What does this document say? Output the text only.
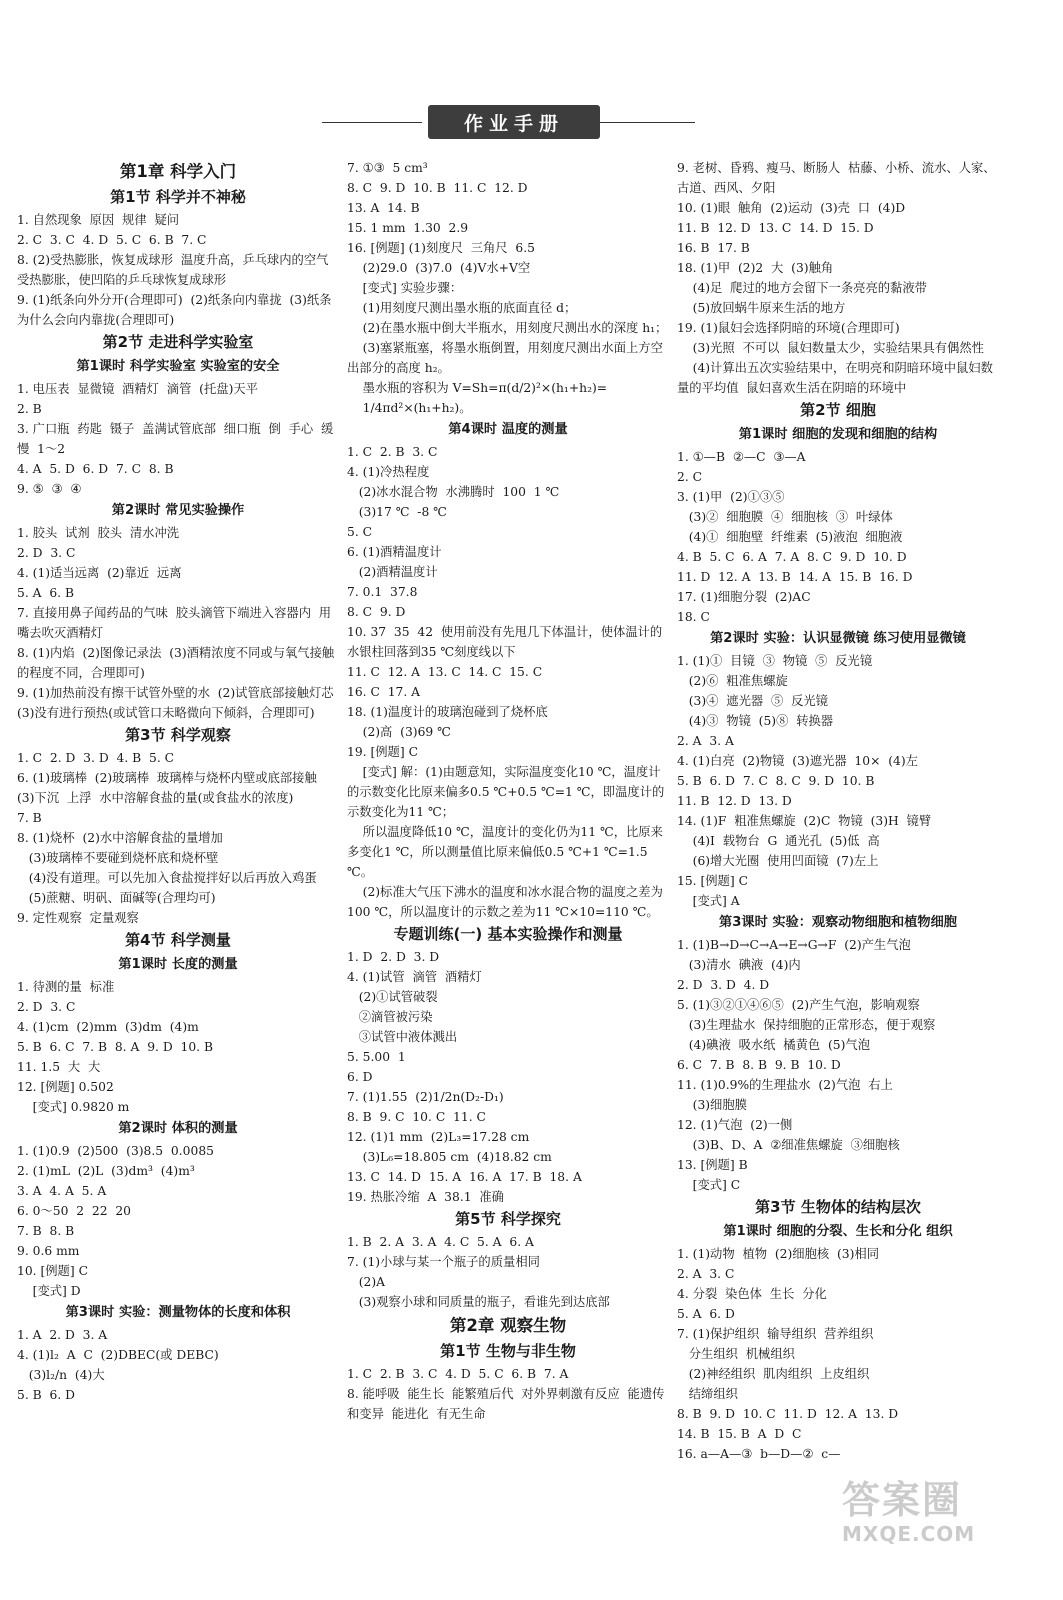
作业手册
第1章 科学入门
第1节 科学并不神秘
1. 自然现象  原因  规律  疑问
2. C  3. C  4. D  5. C  6. B  7. C
8. (2)受热膨胀，恢复成球形  温度升高，乒乓球内的空气受热膨胀，使凹陷的乒乓球恢复成球形
9. (1)纸条向外分开(合理即可)  (2)纸条向内靠拢  (3)纸条为什么会向内靠拢(合理即可)
第2节 走进科学实验室
第1课时 科学实验室 实验室的安全
1. 电压表  显微镜  酒精灯  滴管  (托盘)天平
2. B
3. 广口瓶  药匙  镊子  盖满试管底部  细口瓶  倒  手心  缓慢  1～2
4. A  5. D  6. D  7. C  8. B
9. ⑤  ③  ④
第2课时 常见实验操作
1. 胶头  试剂  胶头  清水冲洗
2. D  3. C
4. (1)适当远离  (2)靠近  远离
5. A  6. B
7. 直接用鼻子闻药品的气味  胶头滴管下端进入容器内  用嘴去吹灭酒精灯
8. (1)内焰  (2)图像记录法  (3)酒精浓度不同或与氧气接触的程度不同，合理即可)
9. (1)加热前没有擦干试管外壁的水  (2)试管底部接触灯芯  (3)没有进行预热(或试管口未略微向下倾斜，合理即可)
第3节 科学观察
1. C  2. D  3. D  4. B  5. C
6. (1)玻璃棒  (2)玻璃棒  玻璃棒与烧杯内壁或底部接触  (3)下沉  上浮  水中溶解食盐的量(或食盐水的浓度)
7. B
8. (1)烧杯  (2)水中溶解食盐的量增加
(3)玻璃棒不要碰到烧杯底和烧杯壁
(4)没有道理。可以先加入食盐搅拌好以后再放入鸡蛋
(5)蔗糖、明矾、面碱等(合理均可)
9. 定性观察  定量观察
第4节 科学测量
第1课时 长度的测量
1. 待测的量  标准
2. D  3. C
4. (1)cm  (2)mm  (3)dm  (4)m
5. B  6. C  7. B  8. A  9. D  10. B
11. 1.5  大  大
12. [例题] 0.502
[变式] 0.9820 m
第2课时 体积的测量
1. (1)0.9  (2)500  (3)8.5  0.0085
2. (1)mL  (2)L  (3)dm³  (4)m³
3. A  4. A  5. A
6. 0～50  2  22  20
7. B  8. B
9. 0.6 mm
10. [例题] C
[变式] D
第3课时 实验：测量物体的长度和体积
1. A  2. D  3. A
4. (1)l₂  A  C  (2)DBEC(或 DEBC)
(3)l₂/n  (4)大
5. B  6. D
7. ①③  5 cm³
8. C  9. D  10. B  11. C  12. D
13. A  14. B
15. 1 mm  1.30  2.9
16. [例题] (1)刻度尺  三角尺  6.5
(2)29.0  (3)7.0  (4)V水+V空
[变式] 实验步骤：
(1)用刻度尺测出墨水瓶的底面直径 d；
(2)在墨水瓶中倒大半瓶水，用刻度尺测出水的深度 h₁；
(3)塞紧瓶塞，将墨水瓶倒置，用刻度尺测出水面上方空出部分的高度 h₂。
墨水瓶的容积为 V=Sh=π(d/2)²×(h₁+h₂)=
1/4πd²×(h₁+h₂)。
第4课时 温度的测量
1. C  2. B  3. C
4. (1)冷热程度
(2)冰水混合物  水沸腾时  100  1 ℃
(3)17 ℃  -8 ℃
5. C
6. (1)酒精温度计
(2)酒精温度计
7. 0.1  37.8
8. C  9. D
10. 37  35  42  使用前没有先甩几下体温计，使体温计的水银柱回落到35 ℃刻度线以下
11. C  12. A  13. C  14. C  15. C
16. C  17. A
18. (1)温度计的玻璃泡碰到了烧杯底
(2)高  (3)69 ℃
19. [例题] C
[变式] 解：(1)由题意知，实际温度变化10 ℃，温度计的示数变化比原来偏多0.5 ℃+0.5 ℃=1 ℃，即温度计的示数变化为11 ℃；
所以温度降低10 ℃，温度计的变化仍为11 ℃，比原来多变化1 ℃，所以测量值比原来偏低0.5 ℃+1 ℃=1.5 ℃。
(2)标准大气压下沸水的温度和冰水混合物的温度之差为100 ℃，所以温度计的示数之差为11 ℃×10=110 ℃。
专题训练(一) 基本实验操作和测量
1. D  2. D  3. D
4. (1)试管  滴管  酒精灯
(2)①试管破裂
②滴管被污染
③试管中液体溅出
5. 5.00  1
6. D
7. (1)1.55  (2)1/2n(D₂-D₁)
8. B  9. C  10. C  11. C
12. (1)1 mm  (2)L₃=17.28 cm
(3)L₆=18.805 cm  (4)18.82 cm
13. C  14. D  15. A  16. A  17. B  18. A
19. 热胀冷缩  A  38.1  准确
第5节 科学探究
1. B  2. A  3. A  4. C  5. A  6. A
7. (1)小球与某一个瓶子的质量相同
(2)A
(3)观察小球和同质量的瓶子，看谁先到达底部
第2章 观察生物
第1节 生物与非生物
1. C  2. B  3. C  4. D  5. C  6. B  7. A
8. 能呼吸  能生长  能繁殖后代  对外界刺激有反应  能遗传和变异  能进化  有无生命
9. 老树、昏鸦、瘦马、断肠人  枯藤、小桥、流水、人家、古道、西风、夕阳
10. (1)眼  触角  (2)运动  (3)壳  口  (4)D
11. B  12. D  13. C  14. D  15. D
16. B  17. B
18. (1)甲  (2)2  大  (3)触角
(4)足  爬过的地方会留下一条亮亮的黏液带
(5)放回蜗牛原来生活的地方
19. (1)鼠妇会选择阴暗的环境(合理即可)
(3)光照  不可以  鼠妇数量太少，实验结果具有偶然性
(4)计算出五次实验结果中，在明亮和阴暗环境中鼠妇数量的平均值  鼠妇喜欢生活在阴暗的环境中
第2节 细胞
第1课时 细胞的发现和细胞的结构
1. ①—B  ②—C  ③—A
2. C
3. (1)甲  (2)①③⑤
(3)②  细胞膜  ④  细胞核  ③  叶绿体
(4)①  细胞壁  纤维素  (5)液泡  细胞液
4. B  5. C  6. A  7. A  8. C  9. D  10. D
11. D  12. A  13. B  14. A  15. B  16. D
17. (1)细胞分裂  (2)AC
18. C
第2课时 实验：认识显微镜 练习使用显微镜
1. (1)①  目镜  ③  物镜  ⑤  反光镜
(2)⑥  粗准焦螺旋
(3)④  遮光器  ⑤  反光镜
(4)③  物镜  (5)⑧  转换器
2. A  3. A
4. (1)白亮  (2)物镜  (3)遮光器  10×  (4)左
5. B  6. D  7. C  8. C  9. D  10. B
11. B  12. D  13. D
14. (1)F  粗准焦螺旋  (2)C  物镜  (3)H  镜臂
(4)I  载物台  G  通光孔  (5)低  高
(6)增大光圈  使用凹面镜  (7)左上
15. [例题] C
[变式] A
第3课时 实验：观察动物细胞和植物细胞
1. (1)B→D→C→A→E→G→F  (2)产生气泡
(3)清水  碘液  (4)内
2. D  3. D  4. D
5. (1)③②①④⑥⑤  (2)产生气泡，影响观察
(3)生理盐水  保持细胞的正常形态，便于观察
(4)碘液  吸水纸  橘黄色  (5)气泡
6. C  7. B  8. B  9. B  10. D
11. (1)0.9%的生理盐水  (2)气泡  右上
(3)细胞膜
12. (1)气泡  (2)一侧
(3)B、D、A  ②细准焦螺旋  ③细胞核
13. [例题] B
[变式] C
第3节 生物体的结构层次
第1课时 细胞的分裂、生长和分化 组织
1. (1)动物  植物  (2)细胞核  (3)相同
2. A  3. C
4. 分裂  染色体  生长  分化
5. A  6. D
7. (1)保护组织  输导组织  营养组织
分生组织  机械组织
(2)神经组织  肌肉组织  上皮组织
结缔组织
8. B  9. D  10. C  11. D  12. A  13. D
14. B  15. B  A  D  C
16. a—A—③  b—D—②  c—
答案圈
MXQE.COM
